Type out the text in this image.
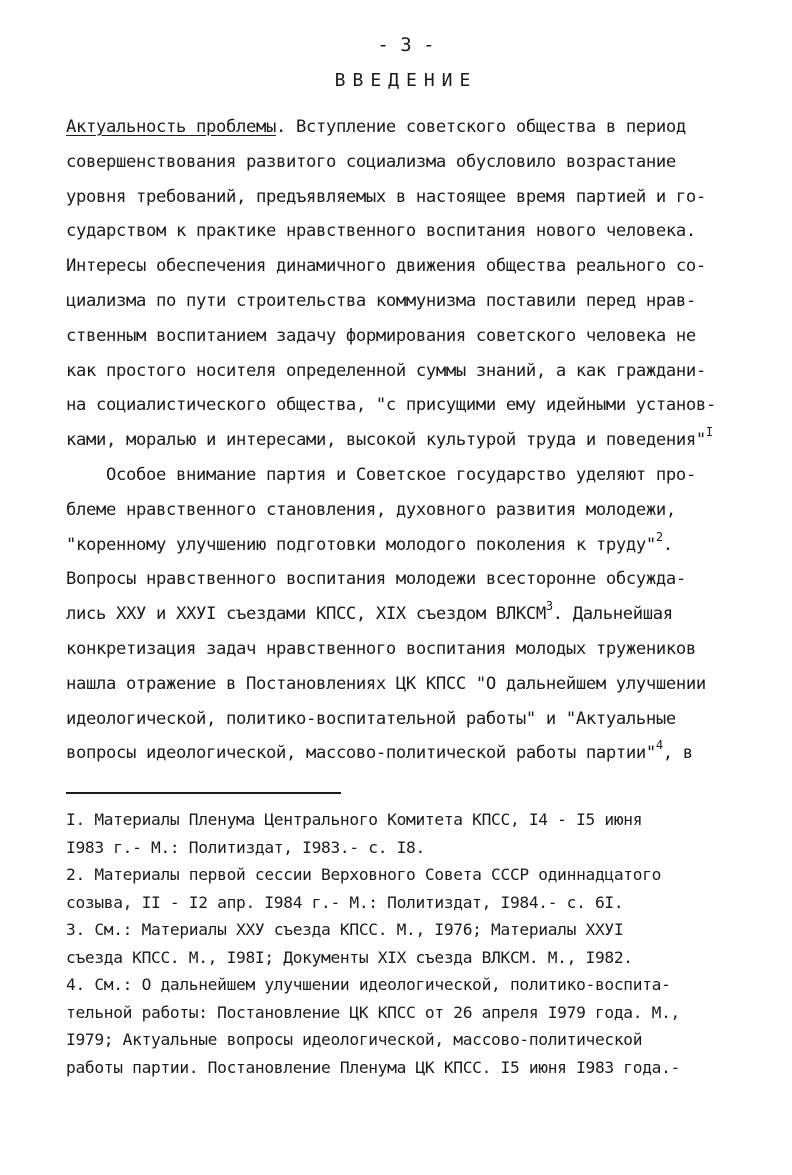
- 3 -
ВВЕДЕНИЕ
Актуальность проблемы. Вступление советского общества в период
совершенствования развитого социализма обусловило возрастание
уровня требований, предъявляемых в настоящее время партией и го-
сударством к практике нравственного воспитания нового человека.
Интересы обеспечения динамичного движения общества реального со-
циализма по пути строительства коммунизма поставили перед нрав-
ственным воспитанием задачу формирования советского человека не
как простого носителя определенной суммы знаний, а как граждани-
на социалистического общества, "с присущими ему идейными установ-
ками, моралью и интересами, высокой культурой труда и поведения"$^I$
Особое внимание партия и Советское государство уделяют про-
блеме нравственного становления, духовного развития молодежи,
"коренному улучшению подготовки молодого поколения к труду"$^2$.
Вопросы нравственного воспитания молодежи всесторонне обсужда-
лись ХХУ и ХХУI съездами КПСС, XIX съездом ВЛКСМ$^3$. Дальнейшая
конкретизация задач нравственного воспитания молодых тружеников
нашла отражение в Постановлениях ЦК КПСС "О дальнейшем улучшении
идеологической, политико-воспитательной работы" и "Актуальные
вопросы идеологической, массово-политической работы партии"$^4$, в
I. Материалы Пленума Центрального Комитета КПСС, I4 - I5 июня
I983 г.- М.: Политиздат, I983.- с. I8.
2. Материалы первой сессии Верховного Совета СССР одиннадцатого
созыва, II - I2 апр. I984 г.- М.: Политиздат, I984.- с. 6I.
3. См.: Материалы ХХУ съезда КПСС. М., I976; Материалы ХХУI
съезда КПСС. М., I98I; Документы XIX съезда ВЛКСМ. М., I982.
4. См.: О дальнейшем улучшении идеологической, политико-воспита-
тельной работы: Постановление ЦК КПСС от 26 апреля I979 года. М.,
I979; Актуальные вопросы идеологической, массово-политической
работы партии. Постановление Пленума ЦК КПСС. I5 июня I983 года.-
